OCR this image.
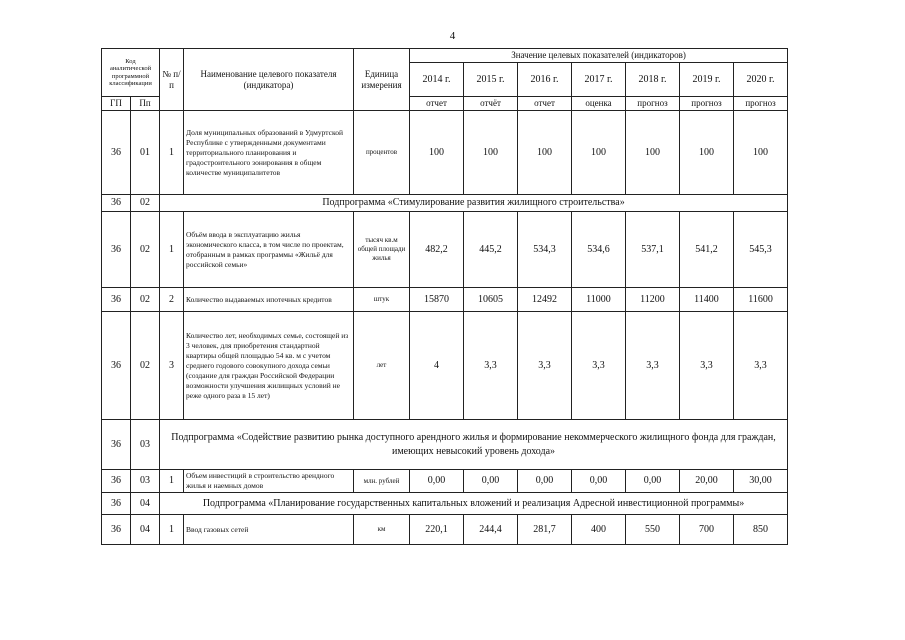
4
Код аналитической программной классификации		№ п/п	Наименование целевого показателя (индикатора)	Единица измерения	Значение целевых показателей (индикаторов)						
					2014 г.	2015 г.	2016 г.	2017 г.	2018 г.	2019 г.	2020 г.
ГП	Пп				отчет	отчёт	отчет	оценка	прогноз	прогноз	прогноз
36	01	1	Доля муниципальных образований в Удмуртской Республике с утвержденными документами территориального планирования и градостроительного зонирования в общем количестве муниципалитетов	процентов	100	100	100	100	100	100	100
36	02	Подпрограмма «Стимулирование развития жилищного строительства»									
36	02	1	Объём ввода в эксплуатацию жилья экономического класса, в том числе по проектам, отобранным в рамках программы «Жильё для российской семьи»	тысяч кв.м общей площади жилья	482,2	445,2	534,3	534,6	537,1	541,2	545,3
36	02	2	Количество выдаваемых ипотечных кредитов	штук	15870	10605	12492	11000	11200	11400	11600
36	02	3	Количество лет, необходимых семье, состоящей из 3 человек, для приобретения стандартной квартиры общей площадью 54 кв. м с учетом среднего годового совокупного дохода семьи (создание для граждан Российской Федерации возможности улучшения жилищных условий не реже одного раза в 15 лет)	лет	4	3,3	3,3	3,3	3,3	3,3	3,3
36	03	Подпрограмма «Содействие развитию рынка доступного арендного жилья и формирование некоммерческого жилищного фонда для граждан, имеющих невысокий уровень дохода»									
36	03	1	Объем инвестиций в строительство арендного жилья и наемных домов	млн. рублей	0,00	0,00	0,00	0,00	0,00	20,00	30,00
36	04	Подпрограмма «Планирование государственных капитальных вложений и реализация Адресной инвестиционной программы»									
36	04	1	Ввод газовых сетей	км	220,1	244,4	281,7	400	550	700	850
